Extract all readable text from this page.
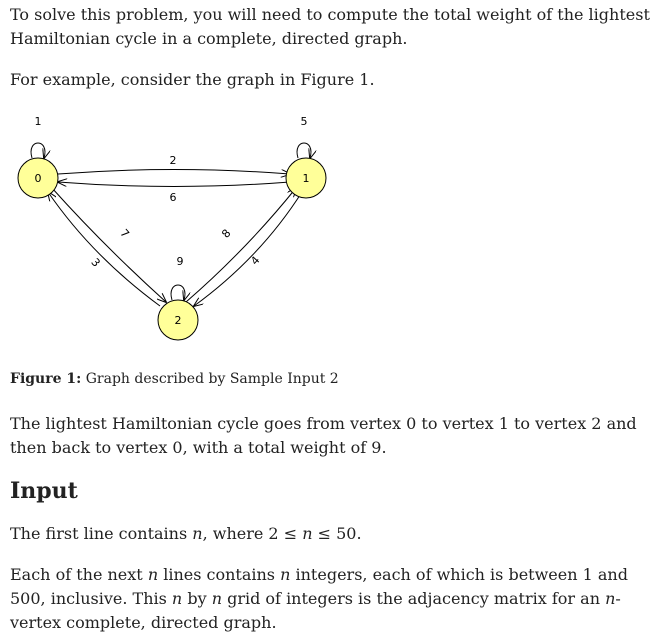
To solve this problem, you will need to compute the total weight of the lightest Hamiltonian cycle in a complete, directed graph.

For example, consider the graph in Figure 1.

1	5
9
2
6
7
3
8
4
0	1
2
Figure 1: Graph described by Sample Input 2

The lightest Hamiltonian cycle goes from vertex 0 to vertex 1 to vertex 2 and then back to vertex 0, with a total weight of 9.

Input

The first line contains n, where 2 ≤ n ≤ 50.

Each of the next n lines contains n integers, each of which is between 1 and 500, inclusive. This n by n grid of integers is the adjacency matrix for an n-vertex complete, directed graph.
